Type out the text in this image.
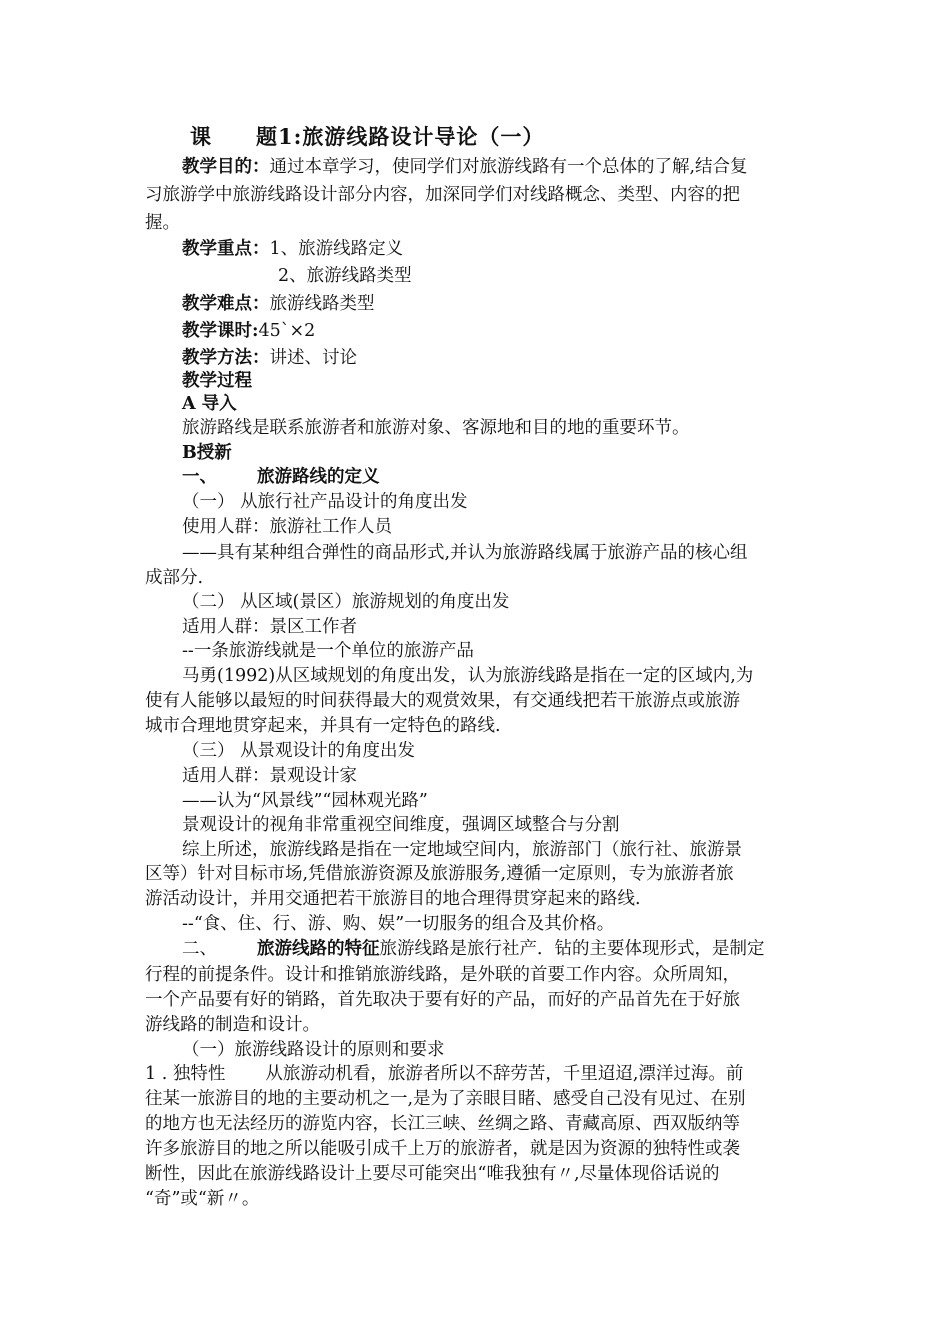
课 题1:旅游线路设计导论（一）
教学目的：通过本章学习，使同学们对旅游线路有一个总体的了解,结合复
习旅游学中旅游线路设计部分内容，加深同学们对线路概念、类型、内容的把
握。
教学重点：1、旅游线路定义
2、旅游线路类型
教学难点：旅游线路类型
教学课时:45`×2
教学方法：讲述、讨论
教学过程
A 导入
旅游路线是联系旅游者和旅游对象、客源地和目的地的重要环节。
B授新
一、 旅游路线的定义
（一） 从旅行社产品设计的角度出发
使用人群：旅游社工作人员
——具有某种组合弹性的商品形式,并认为旅游路线属于旅游产品的核心组
成部分.
（二） 从区域(景区）旅游规划的角度出发
适用人群：景区工作者
--一条旅游线就是一个单位的旅游产品
马勇(1992)从区域规划的角度出发，认为旅游线路是指在一定的区域内,为
使有人能够以最短的时间获得最大的观赏效果，有交通线把若干旅游点或旅游
城市合理地贯穿起来，并具有一定特色的路线.
（三） 从景观设计的角度出发
适用人群：景观设计家
——认为“风景线”“园林观光路”
景观设计的视角非常重视空间维度，强调区域整合与分割
综上所述，旅游线路是指在一定地域空间内，旅游部门（旅行社、旅游景
区等）针对目标市场,凭借旅游资源及旅游服务,遵循一定原则，专为旅游者旅
游活动设计，并用交通把若干旅游目的地合理得贯穿起来的路线.
--“食、住、行、游、购、娱”一切服务的组合及其价格。
二、 旅游线路的特征旅游线路是旅行社产．钻的主要体现形式，是制定
行程的前提条件。设计和推销旅游线路，是外联的首要工作内容。众所周知，
一个产品要有好的销路，首先取决于要有好的产品，而好的产品首先在于好旅
游线路的制造和设计。
（一）旅游线路设计的原则和要求
1 . 独特性 从旅游动机看，旅游者所以不辞劳苦，千里迢迢,漂洋过海。前
往某一旅游目的地的主要动机之一,是为了亲眼目睹、感受自己没有见过、在别
的地方也无法经历的游览内容，长江三峡、丝绸之路、青藏高原、西双版纳等
许多旅游目的地之所以能吸引成千上万的旅游者，就是因为资源的独特性或袭
断性，因此在旅游线路设计上要尽可能突出“唯我独有〃,尽量体现俗话说的
“奇”或“新〃。
